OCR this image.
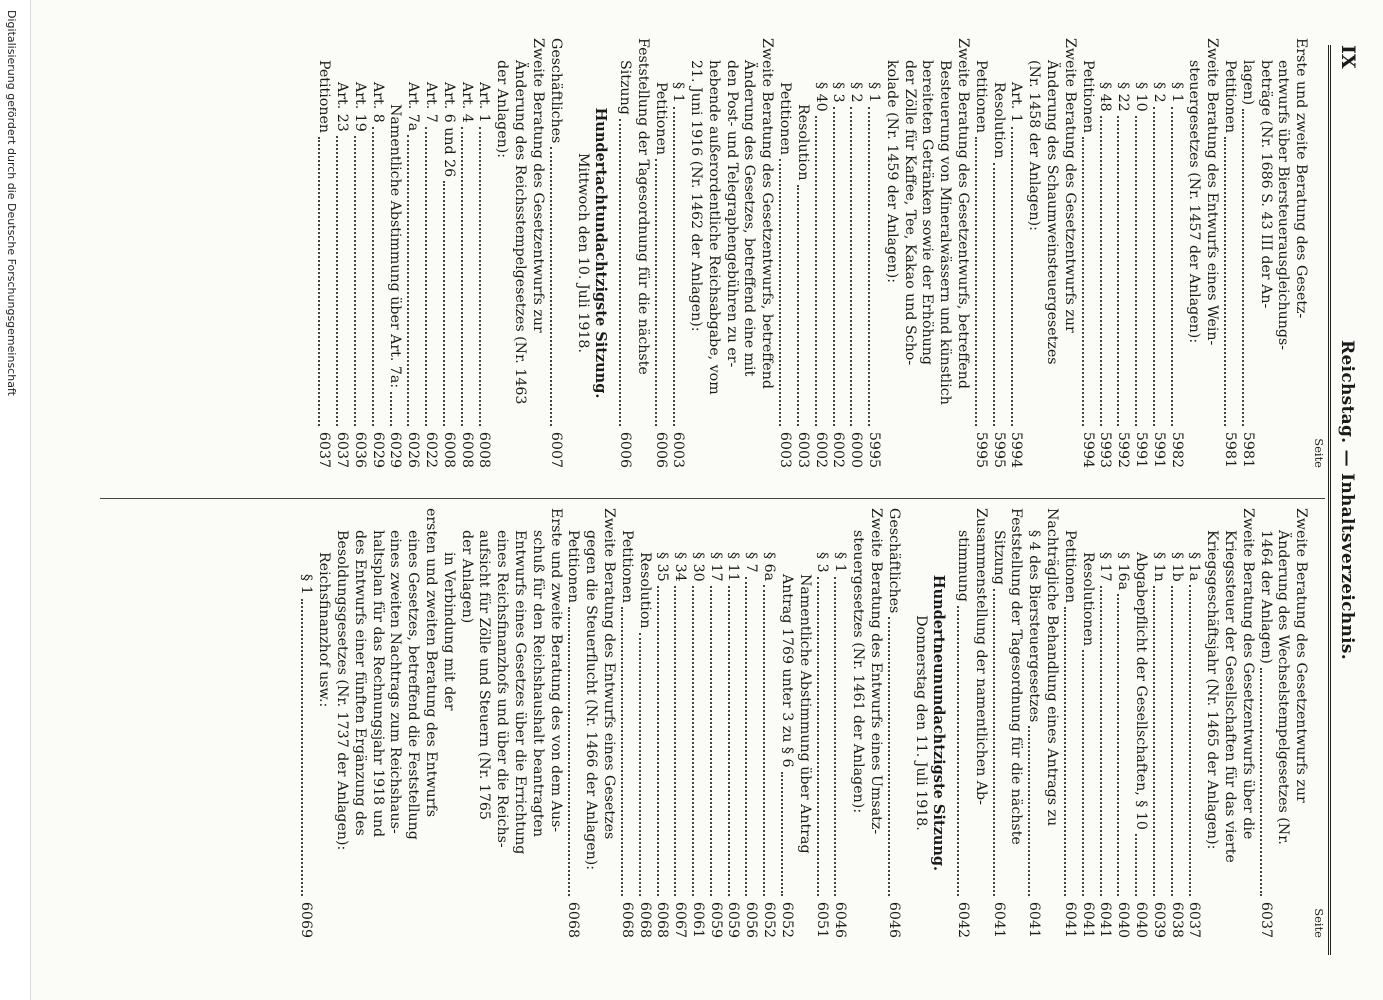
Reichstag. — Inhaltsverzeichnis.
IX
Seite
Erste und zweite Beratung des Gesetz-
entwurfs über Biersteuerausgleichungs-
beträge (Nr. 1686 S. 43 III der An-
lagen)
5981
Petitionen
5981
Zweite Beratung des Entwurfs eines Wein-
steuergesetzes (Nr. 1457 der Anlagen):
§ 1
5982
§ 2
5991
§ 10
5991
§ 22
5992
§ 48
5993
Petitionen
5994
Zweite Beratung des Gesetzentwurfs zur
Änderung des Schaumweinsteuergesetzes
(Nr. 1458 der Anlagen):
Art. 1
5994
Resolution
5995
Petitionen
5995
Zweite Beratung des Gesetzentwurfs, betreffend
Besteuerung von Mineralwässern und künstlich
bereiteten Getränken sowie der Erhöhung
der Zölle für Kaffee, Tee, Kakao und Scho-
kolade (Nr. 1459 der Anlagen):
§ 1
5995
§ 2
6000
§ 3
6002
§ 40
6002
Resolution
6003
Petitionen
6003
Zweite Beratung des Gesetzentwurfs, betreffend
Änderung des Gesetzes, betreffend eine mit
den Post- und Telegraphengebühren zu er-
hebende außerordentliche Reichsabgabe, vom
21. Juni 1916 (Nr. 1462 der Anlagen):
§ 1
6003
Petitionen
6006
Feststellung der Tagesordnung für die nächste
Sitzung
6006
Hundertachtundachtzigste Sitzung.
Mittwoch den 10. Juli 1918.
Geschäftliches
6007
Zweite Beratung des Gesetzentwurfs zur
Änderung des Reichsstempelgesetzes (Nr. 1463
der Anlagen):
Art. 1
6008
Art. 4
6008
Art. 6 und 26
6008
Art. 7
6022
Art. 7a
6026
Namentliche Abstimmung über Art. 7a:
6029
Art. 8
6029
Art. 19
6036
Art. 23
6037
Petitionen
6037
Seite
Zweite Beratung des Gesetzentwurfs zur
Änderung des Wechselstempelgesetzes (Nr.
1464 der Anlagen)
6037
Zweite Beratung des Gesetzentwurfs über die
Kriegssteuer der Gesellschaften für das vierte
Kriegsgeschäftsjahr (Nr. 1465 der Anlagen):
§ 1a
6037
§ 1b
6038
§ 1n
6039
Abgabepflicht der Gesellschaften, § 10
6040
§ 16a
6040
§ 17
6041
Resolutionen
6041
Petitionen
6041
Nachträgliche Behandlung eines Antrags zu
§ 4 des Biersteuergesetzes
6041
Feststellung der Tagesordnung für die nächste
Sitzung
6041
Zusammenstellung der namentlichen Ab-
stimmung
6042
Hundertneunundachtzigste Sitzung.
Donnerstag den 11. Juli 1918.
Geschäftliches
6046
Zweite Beratung des Entwurfs eines Umsatz-
steuergesetzes (Nr. 1461 der Anlagen):
§ 1
6046
§ 3
6051
Namentliche Abstimmung über Antrag
Antrag 1769 unter 3 zu § 6
6052
§ 6a
6052
§ 7
6056
§ 11
6059
§ 17
6059
§ 30
6061
§ 34
6067
§ 35
6068
Resolution
6068
Petitionen
6068
Zweite Beratung des Entwurfs eines Gesetzes
gegen die Steuerflucht (Nr. 1466 der Anlagen):
Petitionen
6068
Erste und zweite Beratung des von dem Aus-
schuß für den Reichshaushalt beantragten
Entwurfs eines Gesetzes über die Errichtung
eines Reichsfinanzhofs und über die Reichs-
aufsicht für Zölle und Steuern (Nr. 1765
der Anlagen)
in Verbindung mit der
ersten und zweiten Beratung des Entwurfs
eines Gesetzes, betreffend die Feststellung
eines zweiten Nachtrags zum Reichshaus-
haltsplan für das Rechnungsjahr 1918 und
des Entwurfs einer fünften Ergänzung des
Besoldungsgesetzes (Nr. 1737 der Anlagen):
Reichsfinanzhof usw.:
§ 1
6069
Digitalisierung gefördert durch die Deutsche Forschungsgemeinschaft
